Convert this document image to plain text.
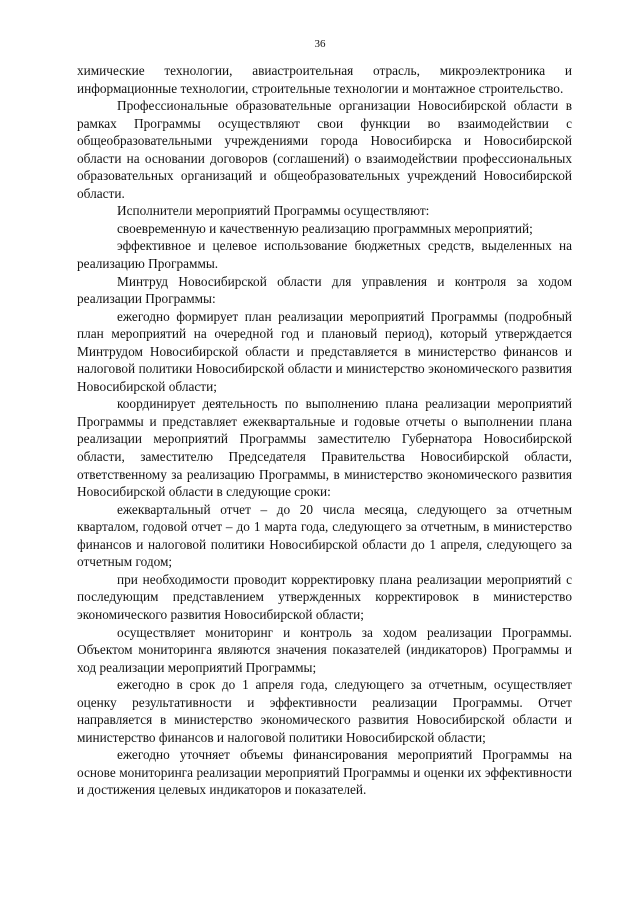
36

химические технологии, авиастроительная отрасль, микроэлектроника и информационные технологии, строительные технологии и монтажное строительство.

Профессиональные образовательные организации Новосибирской области в рамках Программы осуществляют свои функции во взаимодействии с общеобразовательными учреждениями города Новосибирска и Новосибирской области на основании договоров (соглашений) о взаимодействии профессиональных образовательных организаций и общеобразовательных учреждений Новосибирской области.

Исполнители мероприятий Программы осуществляют:

своевременную и качественную реализацию программных мероприятий;

эффективное и целевое использование бюджетных средств, выделенных на реализацию Программы.

Минтруд Новосибирской области для управления и контроля за ходом реализации Программы:

ежегодно формирует план реализации мероприятий Программы (подробный план мероприятий на очередной год и плановый период), который утверждается Минтрудом Новосибирской области и представляется в министерство финансов и налоговой политики Новосибирской области и министерство экономического развития Новосибирской области;

координирует деятельность по выполнению плана реализации мероприятий Программы и представляет ежеквартальные и годовые отчеты о выполнении плана реализации мероприятий Программы заместителю Губернатора Новосибирской области, заместителю Председателя Правительства Новосибирской области, ответственному за реализацию Программы, в министерство экономического развития Новосибирской области в следующие сроки:

ежеквартальный отчет – до 20 числа месяца, следующего за отчетным кварталом, годовой отчет – до 1 марта года, следующего за отчетным, в министерство финансов и налоговой политики Новосибирской области до 1 апреля, следующего за отчетным годом;

при необходимости проводит корректировку плана реализации мероприятий с последующим представлением утвержденных корректировок в министерство экономического развития Новосибирской области;

осуществляет мониторинг и контроль за ходом реализации Программы. Объектом мониторинга являются значения показателей (индикаторов) Программы и ход реализации мероприятий Программы;

ежегодно в срок до 1 апреля года, следующего за отчетным, осуществляет оценку результативности и эффективности реализации Программы. Отчет направляется в министерство экономического развития Новосибирской области и министерство финансов и налоговой политики Новосибирской области;

ежегодно уточняет объемы финансирования мероприятий Программы на основе мониторинга реализации мероприятий Программы и оценки их эффективности и достижения целевых индикаторов и показателей.
